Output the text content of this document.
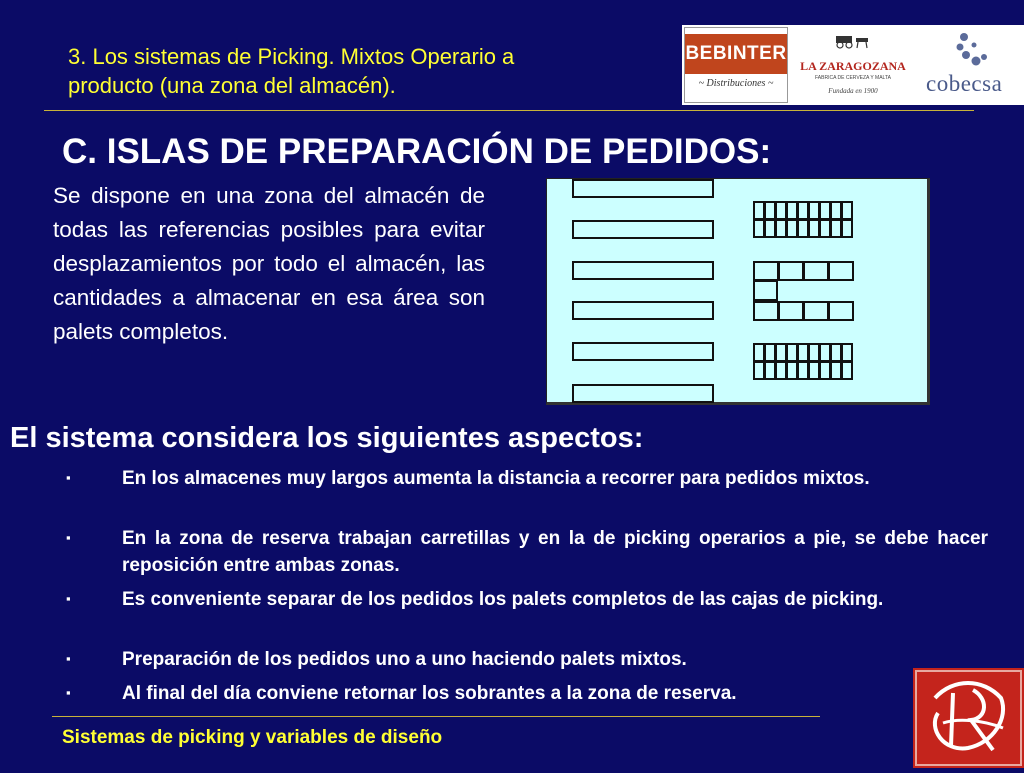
3. Los sistemas de Picking. Mixtos Operario a
producto (una zona del almacén).
BEBINTER
~ Distribuciones ~
LA ZARAGOZANA
FABRICA DE CERVEZA Y MALTA
Fundada en 1900	cobecsa
C. ISLAS DE PREPARACIÓN DE PEDIDOS:
Se dispone en una zona del almacén de todas las referencias posibles para evitar desplazamientos por todo el almacén, las cantidades a almacenar en esa área son palets completos.
El sistema considera los siguientes aspectos:
▪	En los almacenes muy largos aumenta la distancia a recorrer para pedidos mixtos.
▪	En la zona de reserva trabajan carretillas y en la de picking operarios a pie, se debe hacer reposición entre ambas zonas.
▪	Es conveniente separar de los pedidos los palets completos de las cajas de picking.
▪	Preparación de los pedidos uno a uno haciendo palets mixtos.
▪	Al final del día conviene retornar los sobrantes a la zona de reserva.
Sistemas de picking y variables de diseño
